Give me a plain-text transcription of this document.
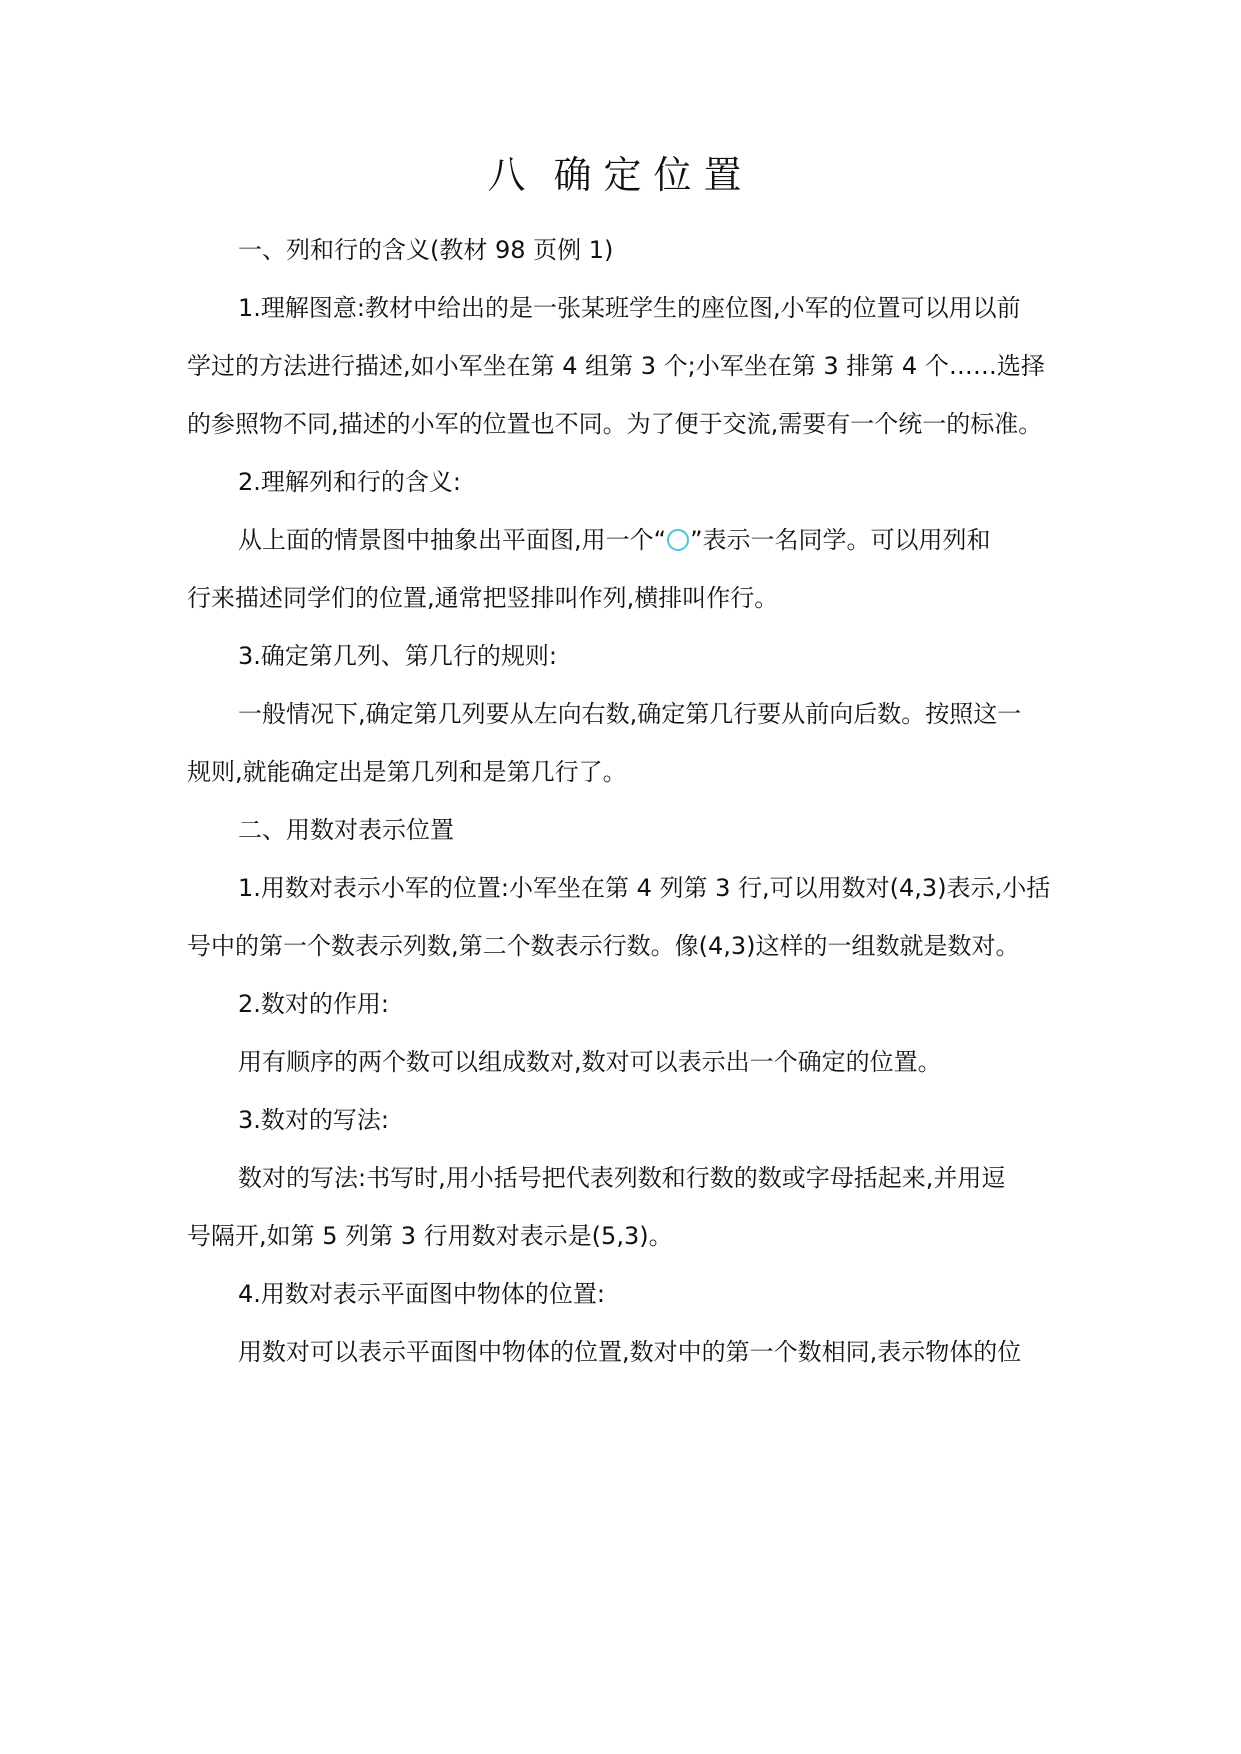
八 确定位置

一、列和行的含义(教材 98 页例 1)

1.理解图意:教材中给出的是一张某班学生的座位图,小军的位置可以用以前

学过的方法进行描述,如小军坐在第 4 组第 3 个;小军坐在第 3 排第 4 个……选择

的参照物不同,描述的小军的位置也不同。为了便于交流,需要有一个统一的标准。

2.理解列和行的含义:

从上面的情景图中抽象出平面图,用一个“ ”表示一名同学。可以用列和

行来描述同学们的位置,通常把竖排叫作列,横排叫作行。

3.确定第几列、第几行的规则:

一般情况下,确定第几列要从左向右数,确定第几行要从前向后数。按照这一

规则,就能确定出是第几列和是第几行了。

二、用数对表示位置

1.用数对表示小军的位置:小军坐在第 4 列第 3 行,可以用数对(4,3)表示,小括

号中的第一个数表示列数,第二个数表示行数。像(4,3)这样的一组数就是数对。

2.数对的作用:

用有顺序的两个数可以组成数对,数对可以表示出一个确定的位置。

3.数对的写法:

数对的写法:书写时,用小括号把代表列数和行数的数或字母括起来,并用逗

号隔开,如第 5 列第 3 行用数对表示是(5,3)。

4.用数对表示平面图中物体的位置:

用数对可以表示平面图中物体的位置,数对中的第一个数相同,表示物体的位
